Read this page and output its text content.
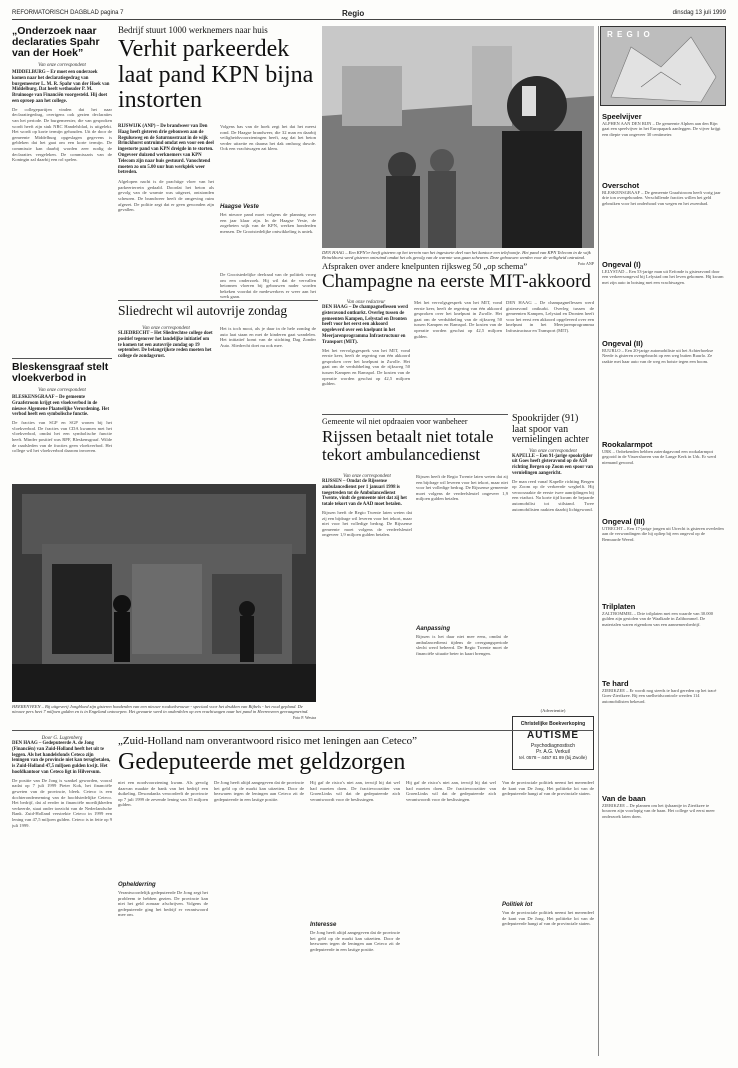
REFORMATORISCH DAGBLAD pagina 7	Regio	dinsdag 13 juli 1999
„Onderzoek naar declaraties Spahr van der Hoek”
Van onze correspondent
MIDDELBURG – Er moet een onderzoek komen naar het declaratiegedrag van burgemeester L. M. R. Spahr van der Hoek van Middelburg. Dat heeft wethouder P. M. Bruinooge van Financiën voorgesteld. Hij doet een oproep aan het college.
De collegepartijen vinden dat het naar declaratiegedrag, overigens ook gezien declaraties van het periode. De burgemeester, die van gesproken wordt heeft zijn stuk NRC Handelsblad, is uitgelekt. Het wordt op korte termijn gehouden. Uit de door de gemeente Middelburg opgeslagen gegevens is gebleken dat het gaat om een korte termijn. De commissie kan daarbij worden zeer nodig de declaraties vergeleken. De commissaris van de Koningin zal daarbij een rol spelen.
Bleskensgraaf stelt vloekverbod in
Van onze correspondent
BLESKENSGRAAF – De gemeente Graafstroom krijgt een vloekverbod in de nieuwe Algemene Plaatselijke Verordening. Het verbod heeft een symbolische functie.
De fracties van SGP en SGP wonen bij het vloekverbod. De fracties van CDA kwamen met het vloekverbod, omdat het een symbolische functie heeft. Minder positief was RPF, Bleskensgraaf. Wilde de raadsleden van de fracties geen vloekverbod. Het college wil het vloekverbod daarom invoeren.
Bedrijf stuurt 1000 werknemers naar huis
Verhit parkeerdek laat pand KPN bijna instorten
RIJSWIJK (ANP) – De brandweer van Den Haag heeft gisteren drie gebouwen aan de Regulusweg en de Saturnusstraat in de wijk Brinckhorst ontruimd omdat een voor een deel ingestorte pand van KPN dreigde in te storten. Ongeveer duizend werknemers van KPN Telecom zijn naar huis gestuurd. Vanochtend moeten zo om 5.00 uur hun werkplek weer betreden.
Afgelopen nacht is de prachtige vloer van het parkeerterrein gedaald. Doordat het beton als gevolg van de warmte was uitgezet, ontstonden scheuren. De brandweer heeft de omgeving ruim afgezet. De politie zegt dat er geen gewonden zijn gevallen.
Volgens bas van de hoek zegt het dat het meest rond. De Haagse brandweer, die 32 man en daarbij veiligheidsvoorzieningen heeft, zag dat het beton verder uitzette en daarna het dak omhoog duwde. Ook een vrachtwagen zat klem.
Haagse Veste
Het nieuwe pand moet volgens de planning over een jaar klaar zijn. In de Haagse Veste, de zogeheten wijk van de KPN, werken honderden mensen. De Grootstedelijke ontwikkeling is uniek.
De Grootstedelijke deelraad van de politiek vroeg om een onderzoek. Hij wil dat de vervallen betonnen vloeren bij gebouwen nader worden bekeken voordat de medewerkers er weer aan het werk gaan.
DEN HAAG – Een KPN'er heeft gisteren op het terrein van het ingestorte deel van het kantoor een telefoontje. Het pand van KPN Telecom in de wijk Brinckhorst werd gisteren ontruimd omdat het als gevolg van de warmte was gaan scheuren. Deze gebouwen werden voor de veiligheid ontruimd.
Foto ANP
Sliedrecht wil autovrije zondag
Van onze correspondent
SLIEDRECHT – Het Sliedrechtse college doet positief tegenover het landelijke initiatief om te komen tot een autovrije zondag op 19 september. De belangrijkste reden moeten het college de zondagsrust.
Het is toch mooi, als je daar in de hele zondag de auto laat staan en met de kinderen gaat wandelen. Het initiatief komt van de stichting Dag Zonder Auto. Sliedrecht doet nu ook mee.
Afspraken over andere knelpunten rijksweg 50 „op schema”
Champagne na eerste MIT-akkoord
Van onze redacteur
DEN HAAG – De champagneflessen werd gisteravond ontkurkt. Overleg tussen de gemeenten Kampen, Lelystad en Dronten heeft voor het eerst een akkoord opgeleverd over een knelpunt in het Meerjarenprogramma Infrastructuur en Transport (MIT).
Met het vervolgsgesprek van het MIT, vond eerste keer, heeft de regering van één akkoord gesproken over het knelpunt in Zwolle. Het gaat om de verdubbeling van de rijksweg 50 tussen Kampen en Ramspol. De kosten van de operatie worden geschat op 42,5 miljoen gulden.
Met het vervolgsgesprek van het MIT, vond eerste keer, heeft de regering van één akkoord gesproken over het knelpunt in Zwolle. Het gaat om de verdubbeling van de rijksweg 50 tussen Kampen en Ramspol. De kosten van de operatie worden geschat op 42,5 miljoen gulden.
DEN HAAG – De champagneflessen werd gisteravond ontkurkt. Overleg tussen de gemeenten Kampen, Lelystad en Dronten heeft voor het eerst een akkoord opgeleverd over een knelpunt in het Meerjarenprogramma Infrastructuur en Transport (MIT).
Gemeente wil niet opdraaien voor wanbeheer
Rijssen betaalt niet totale tekort ambulancedienst
Van onze correspondent
RIJSSEN – Omdat de Rijssense ambulancedienst per 1 januari 1998 is toegetreden tot de Ambulancedienst Twente, vindt de gemeente niet dat zij het totale tekort van de AAD moet betalen.
Rijssen heeft de Regio Twente laten weten dat zij een bijdrage wil leveren voor het tekort, maar niet voor het volledige bedrag. De Rijssense gemeente moet volgens de verdeelsleutel ongeveer 1,9 miljoen gulden betalen.
Rijssen heeft de Regio Twente laten weten dat zij een bijdrage wil leveren voor het tekort, maar niet voor het volledige bedrag. De Rijssense gemeente moet volgens de verdeelsleutel ongeveer 1,9 miljoen gulden betalen.
Aanpassing
Rijssen is het daar niet mee eens, omdat de ambulancedienst tijdens de overgangsperiode slecht werd beheerd. De Regio Twente moet de financiële situatie beter in kaart brengen.
Spookrijder (91) laat spoor van vernielingen achter
Van onze correspondent
KAPELLE – Een 91-jarige spookrijder uit Goes heeft gisteravond op de A58 richting Bergen op Zoom een spoor van vernielingen aangericht.
De man reed vanaf Kapelle richting Bergen op Zoom op de verkeerde weghelft. Hij veroorzaakte de eerste twee aanrijdingen bij een viaduct. Na korte tijd kwam de bejaarde automobilist tot stilstand. Twee automobilisten raakten daarbij lichtgewond.
(Advertentie)
Christelijke Boekverkoping
AUTISME
Psychodiagnostisch
Pr. A.G. Verkuil
tel. 0578 – 4457 81 89 (bij Zwolle)
HEERENVEEN – Bij uitgeverij Jongbloed zijn gisteren honderden van een nieuwe roodoekvrouwe - speciaal voor het drukken van Bijbels - het rood gepland. De nieuwe pers heet 7 miljoen gulden en is in Engeland ontworpen. Het gevaarte werd in onderdelen op een vrachtwagen naar het pand in Heerenveen gevraagmerind.
Foto P. Westra
Door G. Lugtenberg
DEN HAAG – Gedeputeerde A. de Jong (Financiën) van Zuid-Holland heeft het uit te leggen. Als het handelsfonds Ceteco zijn leningen van de provincie niet kan terugbetalen, is Zuid-Holland 47,5 miljoen gulden kwijt. Het hoofdkantoor van Ceteco ligt in Hilversum.
De positie van De Jong is wankel geworden, vooral nadat op 7 juli 1999 Pieter Kok, het financiële geweten van de provincie, bleek. Ceteco is een dochteronderneming van de hoofdstedelijke Ceteco. Het bedrijf, dat al eerder in financiële moeilijkheden verkeerde, staat onder toezicht van de Nederlandsche Bank. Zuid-Holland verstrekte Ceteco in 1999 een lening van 47,5 miljoen gulden. Ceteco is in feite op 9 juli 1999.
„Zuid-Holland nam onverantwoord risico met leningen aan Ceteco”
Gedeputeerde met geldzorgen
niet een noodvoorziening kwam. Als gevolg daarvan maakte de bank van het bedrijf een duikeling. Desondanks veroordeelt de provincie op 7 juli 1999 de zevende lening van 35 miljoen gulden.
Ophelderring
Verantwoordelijk gedeputeerde De Jong zegt het probleem te hebben gezien. De provincie kan niet het geld zomaar afschrijven. Volgens de gedeputeerde ging het bedrijf er verantwoord mee om.
De Jong heeft altijd aangegeven dat de provincie het geld op de markt kan uitzetten. Door de bezwaren tegen de leningen aan Ceteco zit de gedeputeerde in een lastige positie.
Hij gaf de risico's niet aan, terwijl hij dat wel had moeten doen. De fractievoorzitter van GroenLinks wil dat de gedeputeerde zich verantwoordt voor de beslissingen.
Interesse
De Jong heeft altijd aangegeven dat de provincie het geld op de markt kan uitzetten. Door de bezwaren tegen de leningen aan Ceteco zit de gedeputeerde in een lastige positie.
Hij gaf de risico's niet aan, terwijl hij dat wel had moeten doen. De fractievoorzitter van GroenLinks wil dat de gedeputeerde zich verantwoordt voor de beslissingen.
Van de provinciale politiek neemt het merendeel de kant van De Jong. Het politieke lot van de gedeputeerde hangt af van de provinciale staten.
Politiek lot
Van de provinciale politiek neemt het merendeel de kant van De Jong. Het politieke lot van de gedeputeerde hangt af van de provinciale staten.
R E G I O
Speelvijver
ALPHEN AAN DEN RIJN – De gemeente Alphen aan den Rijn gaat een speelvijver in het Europapark aanleggen. De vijver krijgt een diepte van ongeveer 30 centimeter.
Overschot
BLESKENSGRAAF – De gemeente Graafstroom heeft vorig jaar drie ton overgehouden. Verschillende fracties willen het geld gebruiken voor het onderhoud van wegen en het zwembad.
Ongeval (I)
LELYSTAD – Een 53-jarige man uit Eefonde is gisteravond door een verkeersongeval bij Lelystad om het leven gekomen. Hij kwam met zijn auto in botsing met een vrachtwagen.
Ongeval (II)
RUURLO – Een 20-jarige automobiliste uit het Achterhoekse Neede is gisteren overgebracht op een weg buiten Ruurlo. Ze raakte met haar auto van de weg en botste tegen een boom.
Rookalarmpot
URK – Onbekenden hebben zaterdagavond een rookalarmpot gegooid in de Vissershaven van de Lange Kerk in Urk. Er werd niemand gewond.
Ongeval (III)
UTRECHT – Een 17-jarige jongen uit Utrecht is gisteren overleden aan de verwondingen die hij opliep bij een ongeval op de Bemuurde Weerd.
Trilplaten
ZALTBOMMEL – Drie trilplaten met een waarde van 30.000 gulden zijn gestolen van de Waalkade in Zaltbommel. De materialen waren eigendom van een aannemersbedrijf.
Te hard
ZIERIKZEE – Er wordt nog steeds te hard gereden op het tracé Goes-Zierikzee. Bij een snelheidscontrole werden 114 automobilisten bekeurd.
Van de baan
ZIERIKZEE – De plannen om het ijsbaantje in Zierikzee te bouwen zijn voorlopig van de baan. Het college wil eerst meer onderzoek laten doen.
